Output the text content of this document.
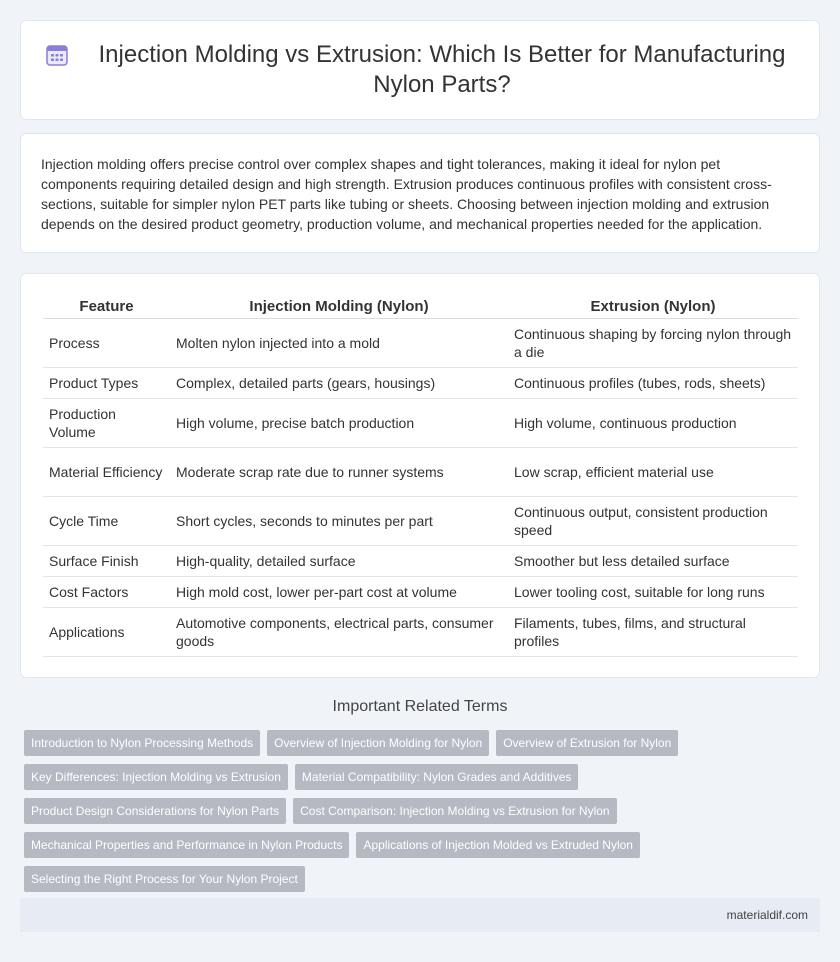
Injection Molding vs Extrusion: Which Is Better for Manufacturing Nylon Parts?

Injection molding offers precise control over complex shapes and tight tolerances, making it ideal for nylon pet components requiring detailed design and high strength. Extrusion produces continuous profiles with consistent cross-sections, suitable for simpler nylon PET parts like tubing or sheets. Choosing between injection molding and extrusion depends on the desired product geometry, production volume, and mechanical properties needed for the application.

Feature	Injection Molding (Nylon)	Extrusion (Nylon)
Process	Molten nylon injected into a mold	Continuous shaping by forcing nylon through a die
Product Types	Complex, detailed parts (gears, housings)	Continuous profiles (tubes, rods, sheets)
Production Volume	High volume, precise batch production	High volume, continuous production
Material Efficiency	Moderate scrap rate due to runner systems	Low scrap, efficient material use
Cycle Time	Short cycles, seconds to minutes per part	Continuous output, consistent production speed
Surface Finish	High-quality, detailed surface	Smoother but less detailed surface
Cost Factors	High mold cost, lower per-part cost at volume	Lower tooling cost, suitable for long runs
Applications	Automotive components, electrical parts, consumer goods	Filaments, tubes, films, and structural profiles
Important Related Terms
Introduction to Nylon Processing Methods	Overview of Injection Molding for Nylon	Overview of Extrusion for Nylon
Key Differences: Injection Molding vs Extrusion	Material Compatibility: Nylon Grades and Additives
Product Design Considerations for Nylon Parts	Cost Comparison: Injection Molding vs Extrusion for Nylon
Mechanical Properties and Performance in Nylon Products	Applications of Injection Molded vs Extruded Nylon
Selecting the Right Process for Your Nylon Project
materialdif.com
